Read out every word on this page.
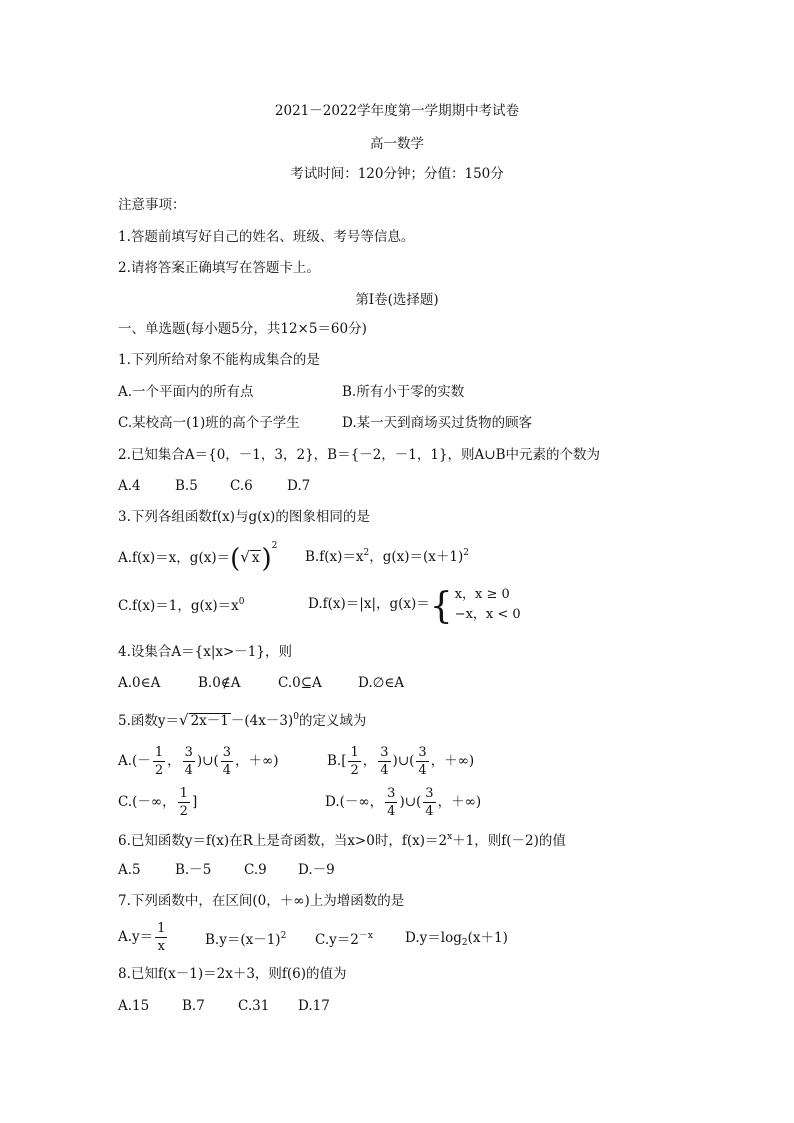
2021－2022学年度第一学期期中考试卷
高一数学
考试时间：120分钟；分值：150分
注意事项：
1.答题前填写好自己的姓名、班级、考号等信息。
2.请将答案正确填写在答题卡上。
第I卷(选择题)
一、单选题(每小题5分，共12×5＝60分)
1.下列所给对象不能构成集合的是
A.一个平面内的所有点	B.所有小于零的实数
C.某校高一(1)班的高个子学生	D.某一天到商场买过货物的顾客
2.已知集合A＝{0，－1，3，2}，B＝{－2，－1，1}，则A∪B中元素的个数为
A.4	B.5 C.6	D.7
3.下列各组函数f(x)与g(x)的图象相同的是
A.f(x)＝x，g(x)＝(√ x)$^2$
$B.f(x)=x^2$，$g(x)=(x+1)^2$
C.f(x)＝1，$g(x)=x^0$	D.f(x)＝|x|，g(x)＝{ x，x ≥ 0
−x，x < 0
4.设集合A＝{x|x>－1}，则
A.0∈A	B.0∉A	C.0⊆A	D.∅∈A
5.函数y＝√ $2x-1 -(4x-3)^0$的定义域为
$A.(- \frac{1}{2}$ ， $\frac{3}{4}$ )∪( $\frac{3}{4}$ ，＋∞)	$B.[ \frac{1}{2}$ ， $\frac{3}{4}$ )∪( $\frac{3}{4}$ ，＋∞)
C.(－∞， $\frac{1}{2}$ ]	D.(－∞， $\frac{3}{4}$ )∪( $\frac{3}{4}$ ，＋∞)
6.已知函数y＝f(x)在R上是奇函数，当x>0时，$f(x)=2^x+1$，则f(－2)的值
A.5	B.－5 C.9 D.－9
7.下列函数中，在区间(0，＋∞)上为增函数的是
$A.y= \frac{1}{x}$	$B.y=(x-1)^2$ $C.y=2^{-x}$ $D.y=\log_2(x+1)$
8.已知f(x－1)＝2x＋3，则f(6)的值为
A.15 B.7 C.31 D.17
